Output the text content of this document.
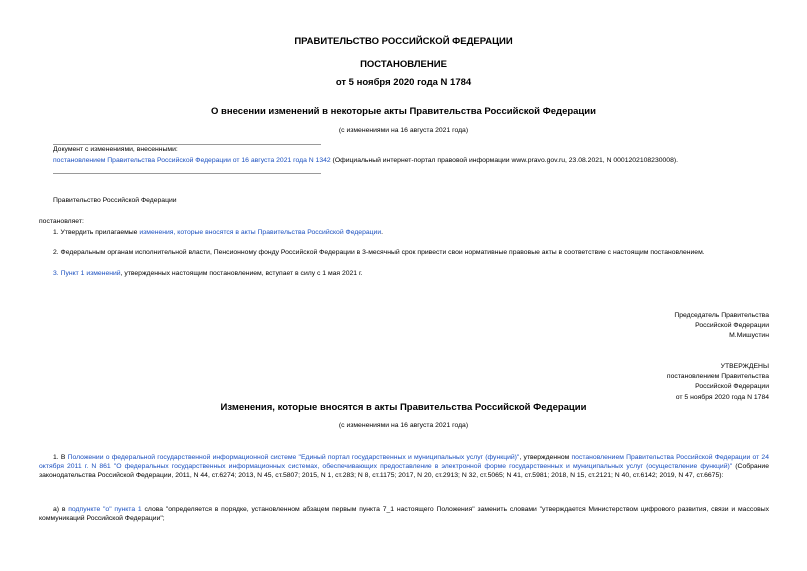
ПРАВИТЕЛЬСТВО РОССИЙСКОЙ ФЕДЕРАЦИИ
ПОСТАНОВЛЕНИЕ
от 5 ноября 2020 года N 1784
О внесении изменений в некоторые акты Правительства Российской Федерации
(с изменениями на 16 августа 2021 года)
Документ с изменениями, внесенными:
постановлением Правительства Российской Федерации от 16 августа 2021 года N 1342 (Официальный интернет-портал правовой информации www.pravo.gov.ru, 23.08.2021, N 0001202108230008).
Правительство Российской Федерации
постановляет:
1. Утвердить прилагаемые изменения, которые вносятся в акты Правительства Российской Федерации.
2. Федеральным органам исполнительной власти, Пенсионному фонду Российской Федерации в 3-месячный срок привести свои нормативные правовые акты в соответствие с настоящим постановлением.
3. Пункт 1 изменений, утвержденных настоящим постановлением, вступает в силу с 1 мая 2021 г.
Председатель Правительства
Российской Федерации
М.Мишустин
УТВЕРЖДЕНЫ
постановлением Правительства
Российской Федерации
от 5 ноября 2020 года N 1784
Изменения, которые вносятся в акты Правительства Российской Федерации
(с изменениями на 16 августа 2021 года)
1. В Положении о федеральной государственной информационной системе "Единый портал государственных и муниципальных услуг (функций)", утвержденном постановлением Правительства Российской Федерации от 24 октября 2011 г. N 861 "О федеральных государственных информационных системах, обеспечивающих предоставление в электронной форме государственных и муниципальных услуг (осуществление функций)" (Собрание законодательства Российской Федерации, 2011, N 44, ст.6274; 2013, N 45, ст.5807; 2015, N 1, ст.283; N 8, ст.1175; 2017, N 20, ст.2913; N 32, ст.5065; N 41, ст.5981; 2018, N 15, ст.2121; N 40, ст.6142; 2019, N 47, ст.6675):
а) в подпункте "о" пункта 1 слова "определяется в порядке, установленном абзацем первым пункта 7_1 настоящего Положения" заменить словами "утверждается Министерством цифрового развития, связи и массовых коммуникаций Российской Федерации";
